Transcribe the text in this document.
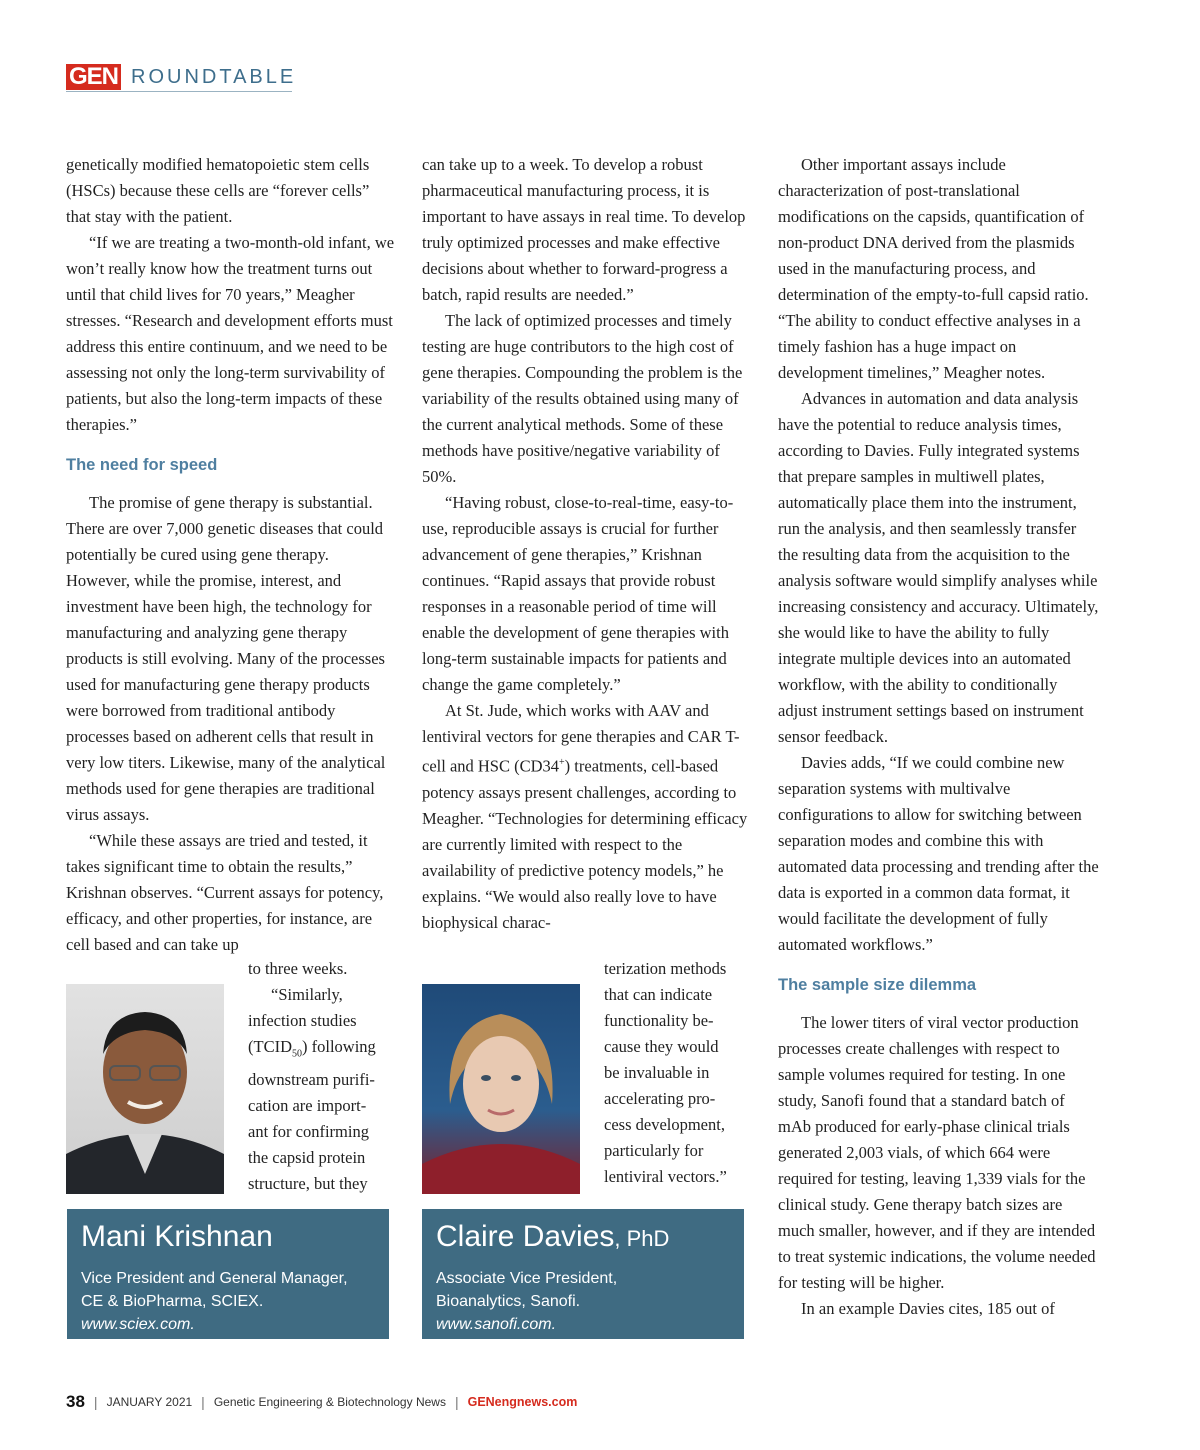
GEN ROUNDTABLE

genetically modified hematopoietic stem cells (HSCs) because these cells are “forever cells” that stay with the patient.

“If we are treating a two-month-old infant, we won’t really know how the treatment turns out until that child lives for 70 years,” Meagher stresses. “Research and development efforts must address this entire continuum, and we need to be assessing not only the long-term survivability of patients, but also the long-term impacts of these therapies.”

The need for speed

The promise of gene therapy is substantial. There are over 7,000 genetic diseases that could potentially be cured using gene therapy. However, while the promise, interest, and investment have been high, the technology for manufacturing and analyzing gene therapy products is still evolving. Many of the processes used for manufacturing gene therapy products were borrowed from traditional antibody processes based on adherent cells that result in very low titers. Likewise, many of the analytical methods used for gene therapies are traditional virus assays.

“While these assays are tried and tested, it takes significant time to obtain the results,” Krishnan observes. “Current assays for potency, efficacy, and other properties, for instance, are cell based and can take up

to three weeks.
“Similarly,
infection studies
$(TCID_{50})$ following
downstream purifi-
cation are import-
ant for confirming
the capsid protein
structure, but they

can take up to a week. To develop a robust pharmaceutical manufacturing process, it is important to have assays in real time. To develop truly optimized processes and make effective decisions about whether to forward-progress a batch, rapid results are needed.”

The lack of optimized processes and timely testing are huge contributors to the high cost of gene therapies. Compounding the problem is the variability of the results obtained using many of the current analytical methods. Some of these methods have positive/negative variability of 50%.

“Having robust, close-to-real-time, easy-to-use, reproducible assays is crucial for further advancement of gene therapies,” Krishnan continues. “Rapid assays that provide robust responses in a reasonable period of time will enable the development of gene therapies with long-term sustainable impacts for patients and change the game completely.”

At St. Jude, which works with AAV and lentiviral vectors for gene therapies and CAR T-cell and HSC (CD34+) treatments, cell-based potency assays present challenges, according to Meagher. “Technologies for determining efficacy are currently limited with respect to the availability of predictive potency models,” he explains. “We would also really love to have biophysical charac-

terization methods
that can indicate
functionality be-
cause they would
be invaluable in
accelerating pro-
cess development,
particularly for
lentiviral vectors.”

Other important assays include characterization of post-translational modifications on the capsids, quantification of non-product DNA derived from the plasmids used in the manufacturing process, and determination of the empty-to-full capsid ratio. “The ability to conduct effective analyses in a timely fashion has a huge impact on development timelines,” Meagher notes.

Advances in automation and data analysis have the potential to reduce analysis times, according to Davies. Fully integrated systems that prepare samples in multiwell plates, automatically place them into the instrument, run the analysis, and then seamlessly transfer the resulting data from the acquisition to the analysis software would simplify analyses while increasing consistency and accuracy. Ultimately, she would like to have the ability to fully integrate multiple devices into an automated workflow, with the ability to conditionally adjust instrument settings based on instrument sensor feedback.

Davies adds, “If we could combine new separation systems with multivalve configurations to allow for switching between separation modes and combine this with automated data processing and trending after the data is exported in a common data format, it would facilitate the development of fully automated workflows.”

The sample size dilemma

The lower titers of viral vector production processes create challenges with respect to sample volumes required for testing. In one study, Sanofi found that a standard batch of mAb produced for early-phase clinical trials generated 2,003 vials, of which 664 were required for testing, leaving 1,339 vials for the clinical study. Gene therapy batch sizes are much smaller, however, and if they are intended to treat systemic indications, the volume needed for testing will be higher.

In an example Davies cites, 185 out of

Mani Krishnan
Vice President and General Manager,
CE & BioPharma, SCIEX.
www.sciex.com.
Claire Davies, PhD
Associate Vice President,
Bioanalytics, Sanofi.
www.sanofi.com.
38 | JANUARY 2021 | Genetic Engineering & Biotechnology News | GENengnews.com
